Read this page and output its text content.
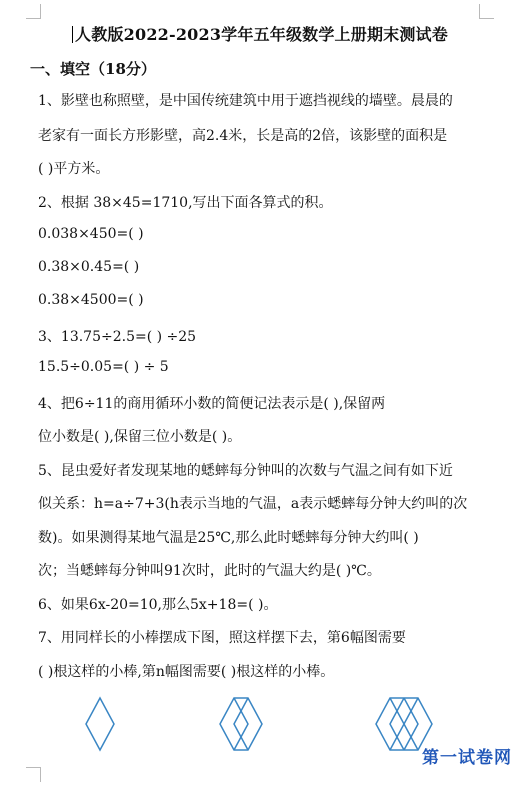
人教版2022-2023学年五年级数学上册期末测试卷
一、填空（18分）
1、影壁也称照壁，是中国传统建筑中用于遮挡视线的墙壁。晨晨的
老家有一面长方形影壁，高2.4米，长是高的2倍，该影壁的面积是
( )平方米。
2、根据 38×45=1710,写出下面各算式的积。
0.038×450=( )
0.38×0.45=( )
0.38×4500=( )
3、13.75÷2.5=( ) ÷25
15.5÷0.05=( ) ÷ 5
4、把6÷11的商用循环小数的简便记法表示是( ),保留两
位小数是( ),保留三位小数是( )。
5、昆虫爱好者发现某地的蟋蟀每分钟叫的次数与气温之间有如下近
似关系：h=a÷7+3(h表示当地的气温，a表示蟋蟀每分钟大约叫的次
数)。如果测得某地气温是25℃,那么此时蟋蟀每分钟大约叫( )
次；当蟋蟀每分钟叫91次时，此时的气温大约是( )℃。
6、如果6x-20=10,那么5x+18=( )。
7、用同样长的小棒摆成下图，照这样摆下去，第6幅图需要
( )根这样的小棒,第n幅图需要( )根这样的小棒。
第一试卷网
